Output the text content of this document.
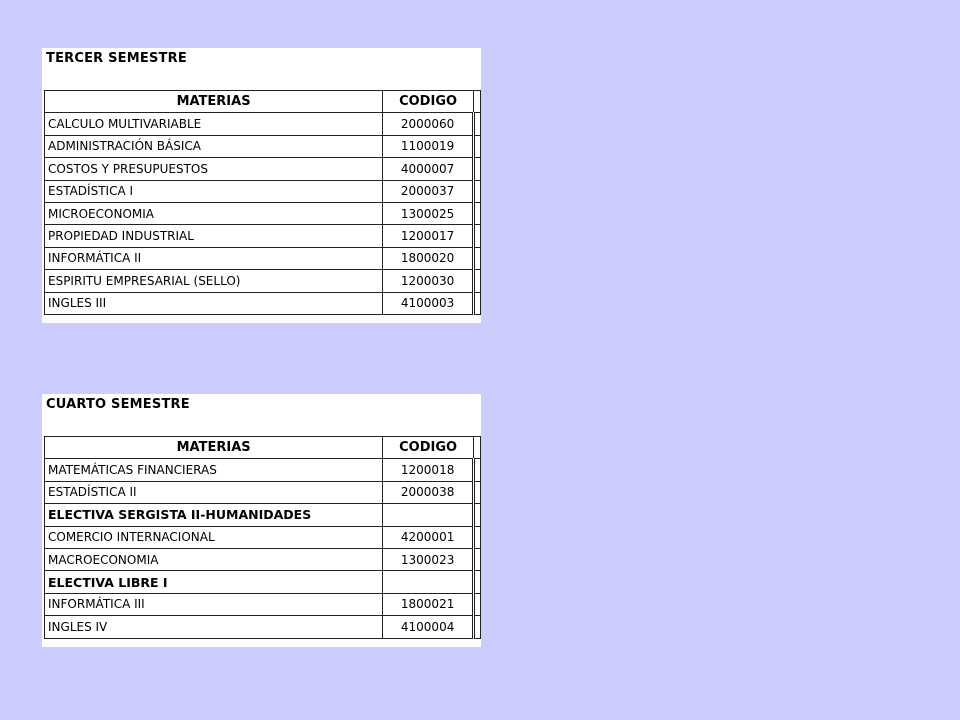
TERCER SEMESTRE
MATERIAS	CODIGO	
CALCULO MULTIVARIABLE	2000060	
ADMINISTRACIÓN BÁSICA	1100019	
COSTOS Y PRESUPUESTOS	4000007	
ESTADÍSTICA I	2000037	
MICROECONOMIA	1300025	
PROPIEDAD INDUSTRIAL	1200017	
INFORMÁTICA II	1800020	
ESPIRITU EMPRESARIAL (SELLO)	1200030	
INGLES III	4100003	
CUARTO SEMESTRE
MATERIAS	CODIGO	
MATEMÁTICAS FINANCIERAS	1200018	
ESTADÍSTICA II	2000038	
ELECTIVA SERGISTA II-HUMANIDADES		
COMERCIO INTERNACIONAL	4200001	
MACROECONOMIA	1300023	
ELECTIVA LIBRE I		
INFORMÁTICA III	1800021	
INGLES IV	4100004	
